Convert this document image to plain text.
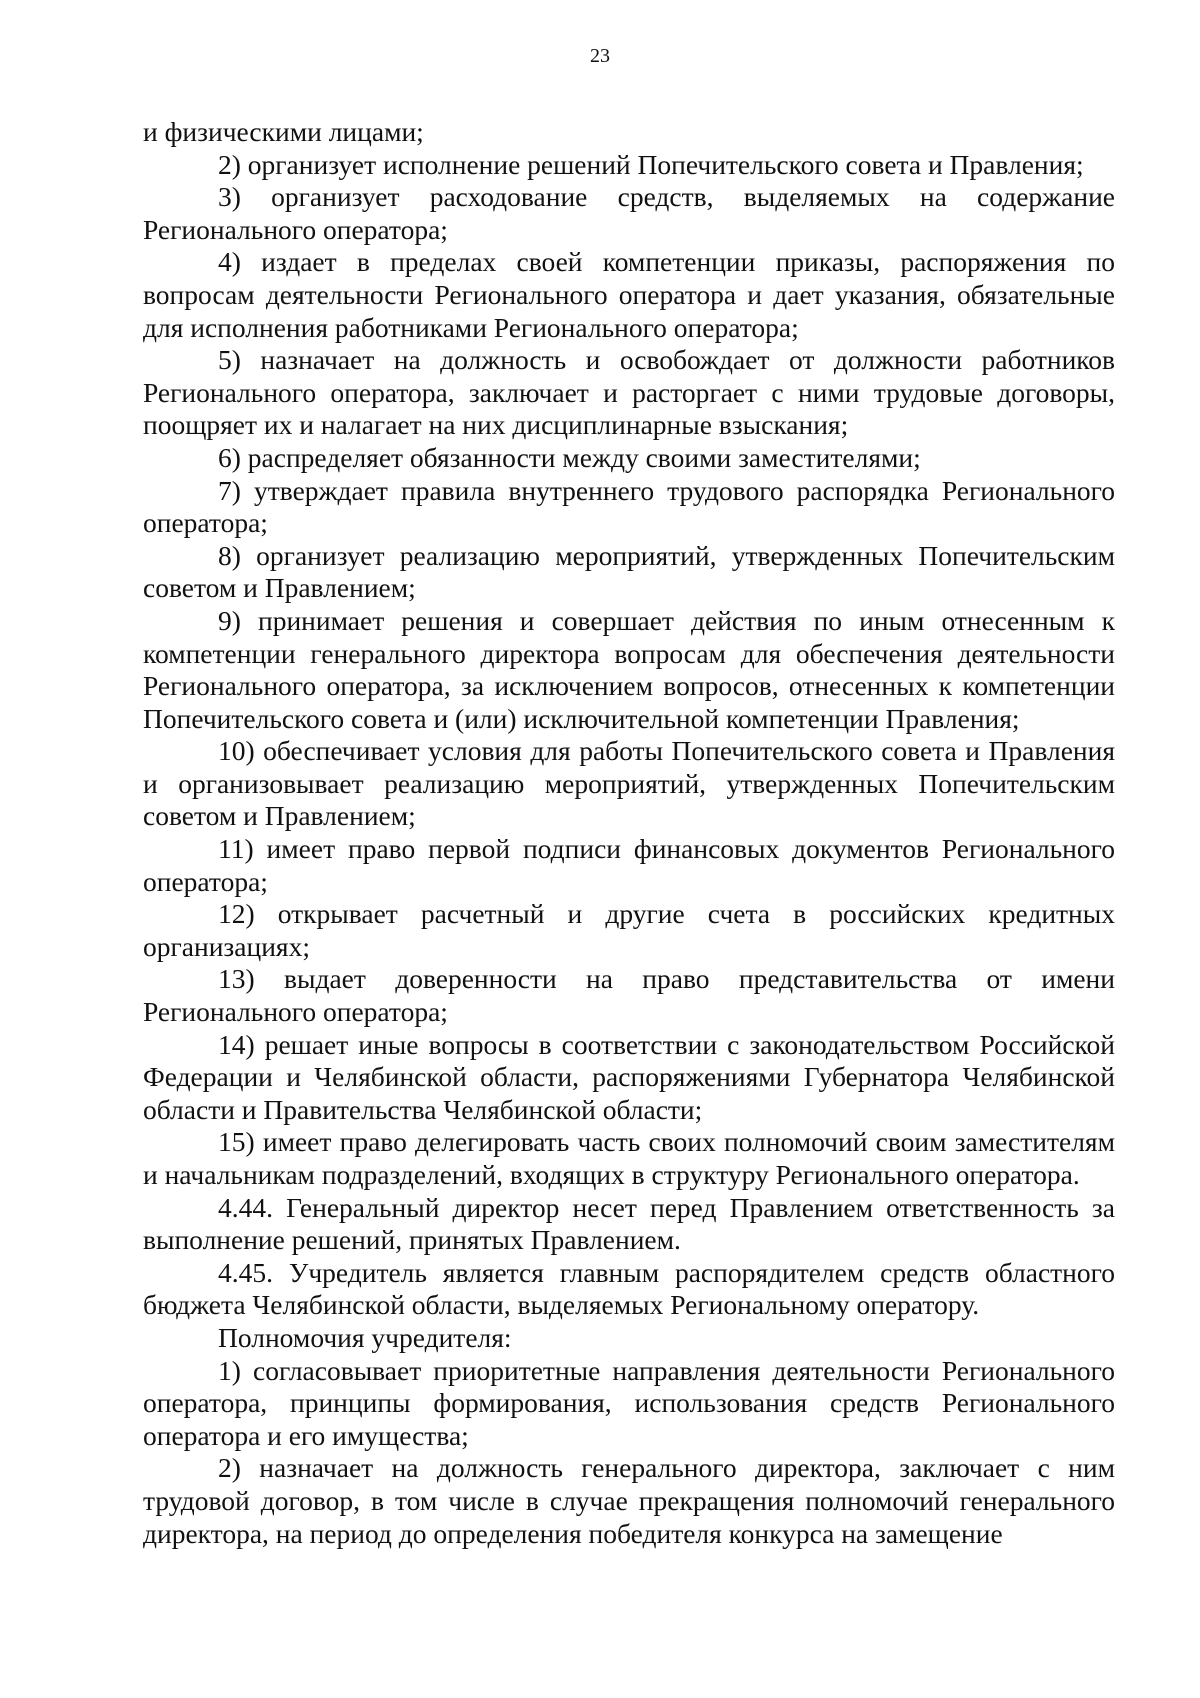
23

и физическими лицами;

2) организует исполнение решений Попечительского совета и Правления;

3) организует расходование средств, выделяемых на содержание Регионального оператора;

4) издает в пределах своей компетенции приказы, распоряжения по вопросам деятельности Регионального оператора и дает указания, обязательные для исполнения работниками Регионального оператора;

5) назначает на должность и освобождает от должности работников Регионального оператора, заключает и расторгает с ними трудовые договоры, поощряет их и налагает на них дисциплинарные взыскания;

6) распределяет обязанности между своими заместителями;

7) утверждает правила внутреннего трудового распорядка Регионального оператора;

8) организует реализацию мероприятий, утвержденных Попечительским советом и Правлением;

9) принимает решения и совершает действия по иным отнесенным к компетенции генерального директора вопросам для обеспечения деятельности Регионального оператора, за исключением вопросов, отнесенных к компетенции Попечительского совета и (или) исключительной компетенции Правления;

10) обеспечивает условия для работы Попечительского совета и Правления и организовывает реализацию мероприятий, утвержденных Попечительским советом и Правлением;

11) имеет право первой подписи финансовых документов Регионального оператора;

12) открывает расчетный и другие счета в российских кредитных организациях;

13) выдает доверенности на право представительства от имени Регионального оператора;

14) решает иные вопросы в соответствии с законодательством Российской Федерации и Челябинской области, распоряжениями Губернатора Челябинской области и Правительства Челябинской области;

15) имеет право делегировать часть своих полномочий своим заместителям и начальникам подразделений, входящих в структуру Регионального оператора.

4.44. Генеральный директор несет перед Правлением ответственность за выполнение решений, принятых Правлением.

4.45. Учредитель является главным распорядителем средств областного бюджета Челябинской области, выделяемых Региональному оператору.

Полномочия учредителя:

1) согласовывает приоритетные направления деятельности Регионального оператора, принципы формирования, использования средств Регионального оператора и его имущества;

2) назначает на должность генерального директора, заключает с ним трудовой договор, в том числе в случае прекращения полномочий генерального директора, на период до определения победителя конкурса на замещение
